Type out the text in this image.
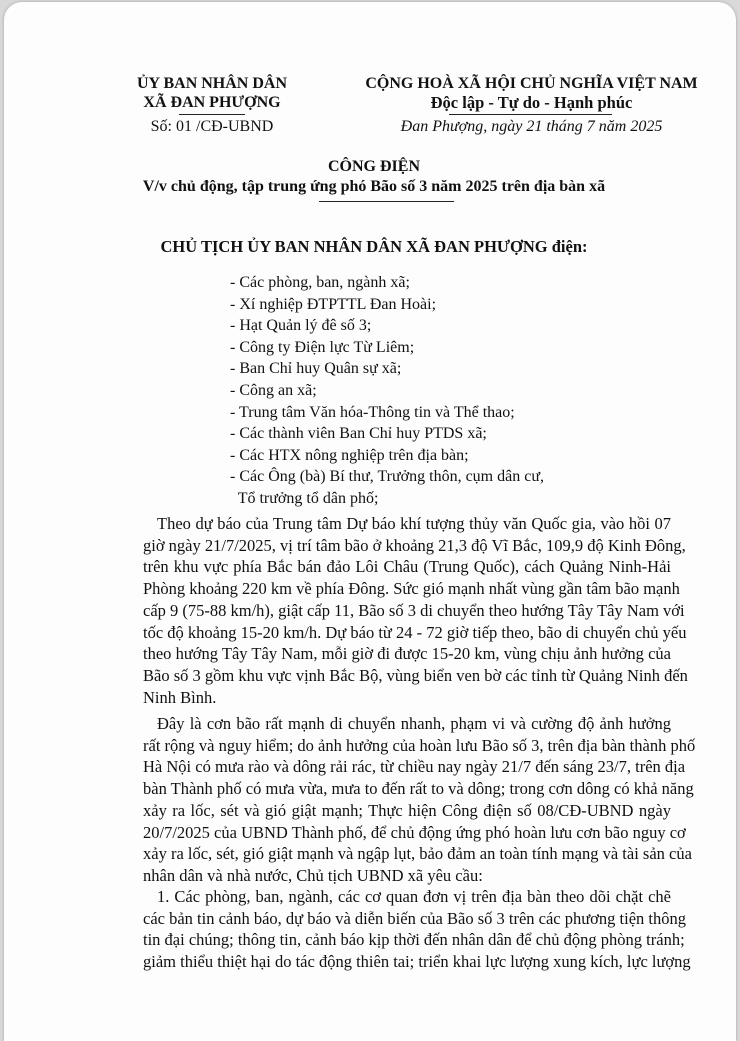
ỦY BAN NHÂN DÂN
XÃ ĐAN PHƯỢNG
Số: 01 /CĐ-UBND
CỘNG HOÀ XÃ HỘI CHỦ NGHĨA VIỆT NAM
Độc lập - Tự do - Hạnh phúc
Đan Phượng, ngày 21 tháng 7 năm 2025
CÔNG ĐIỆN
V/v chủ động, tập trung ứng phó Bão số 3 năm 2025 trên địa bàn xã
CHỦ TỊCH ỦY BAN NHÂN DÂN XÃ ĐAN PHƯỢNG điện:
- Các phòng, ban, ngành xã;
- Xí nghiệp ĐTPTTL Đan Hoài;
- Hạt Quản lý đê số 3;
- Công ty Điện lực Từ Liêm;
- Ban Chỉ huy Quân sự xã;
- Công an xã;
- Trung tâm Văn hóa-Thông tin và Thể thao;
- Các thành viên Ban Chỉ huy PTDS xã;
- Các HTX nông nghiệp trên địa bàn;
- Các Ông (bà) Bí thư, Trưởng thôn, cụm dân cư,
Tổ trưởng tổ dân phố;
Theo dự báo của Trung tâm Dự báo khí tượng thủy văn Quốc gia, vào hồi 07
giờ ngày 21/7/2025, vị trí tâm bão ở khoảng 21,3 độ Vĩ Bắc, 109,9 độ Kinh Đông,
trên khu vực phía Bắc bán đảo Lôi Châu (Trung Quốc), cách Quảng Ninh-Hải
Phòng khoảng 220 km về phía Đông. Sức gió mạnh nhất vùng gần tâm bão mạnh
cấp 9 (75-88 km/h), giật cấp 11, Bão số 3 di chuyển theo hướng Tây Tây Nam với
tốc độ khoảng 15-20 km/h. Dự báo từ 24 - 72 giờ tiếp theo, bão di chuyển chủ yếu
theo hướng Tây Tây Nam, mỗi giờ đi được 15-20 km, vùng chịu ảnh hưởng của
Bão số 3 gồm khu vực vịnh Bắc Bộ, vùng biển ven bờ các tỉnh từ Quảng Ninh đến
Ninh Bình.
Đây là cơn bão rất mạnh di chuyển nhanh, phạm vi và cường độ ảnh hưởng
rất rộng và nguy hiểm; do ảnh hưởng của hoàn lưu Bão số 3, trên địa bàn thành phố
Hà Nội có mưa rào và dông rải rác, từ chiều nay ngày 21/7 đến sáng 23/7, trên địa
bàn Thành phố có mưa vừa, mưa to đến rất to và dông; trong cơn dông có khả năng
xảy ra lốc, sét và gió giật mạnh; Thực hiện Công điện số 08/CĐ-UBND ngày
20/7/2025 của UBND Thành phố, để chủ động ứng phó hoàn lưu cơn bão nguy cơ
xảy ra lốc, sét, gió giật mạnh và ngập lụt, bảo đảm an toàn tính mạng và tài sản của
nhân dân và nhà nước, Chủ tịch UBND xã yêu cầu:
1. Các phòng, ban, ngành, các cơ quan đơn vị trên địa bàn theo dõi chặt chẽ
các bản tin cảnh báo, dự báo và diễn biến của Bão số 3 trên các phương tiện thông
tin đại chúng; thông tin, cảnh báo kịp thời đến nhân dân để chủ động phòng tránh;
giảm thiểu thiệt hại do tác động thiên tai; triển khai lực lượng xung kích, lực lượng
